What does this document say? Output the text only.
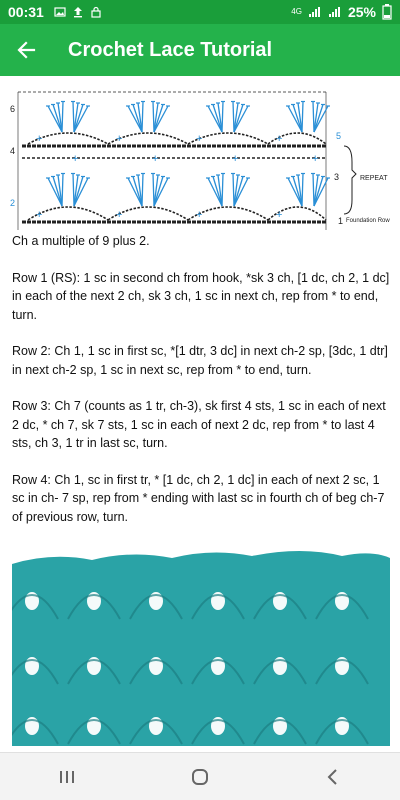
00:31	4G	25%
Crochet Lace Tutorial
6
5
4
3
2
1
REPEAT
Foundation Row
+	+	+	+
+	+	+	+
+	+	+	+

Ch a multiple of 9 plus 2.

Row 1 (RS): 1 sc in second ch from hook, *sk 3 ch, [1 dc, ch 2, 1 dc] in each of the next 2 ch, sk 3 ch, 1 sc in next ch, rep from * to end, turn.

Row 2: Ch 1, 1 sc in first sc, *[1 dtr, 3 dc] in next ch-2 sp, [3dc, 1 dtr] in next ch-2 sp, 1 sc in next sc, rep from * to end, turn.

Row 3: Ch 7 (counts as 1 tr, ch-3), sk first 4 sts, 1 sc in each of next 2 dc, * ch 7, sk 7 sts, 1 sc in each of next 2 dc, rep from * to last 4 sts, ch 3, 1 tr in last sc, turn.

Row 4: Ch 1, sc in first tr, * [1 dc, ch 2, 1 dc] in each of next 2 sc, 1 sc in ch- 7 sp, rep from * ending with last sc in fourth ch of beg ch-7 of previous row, turn.
